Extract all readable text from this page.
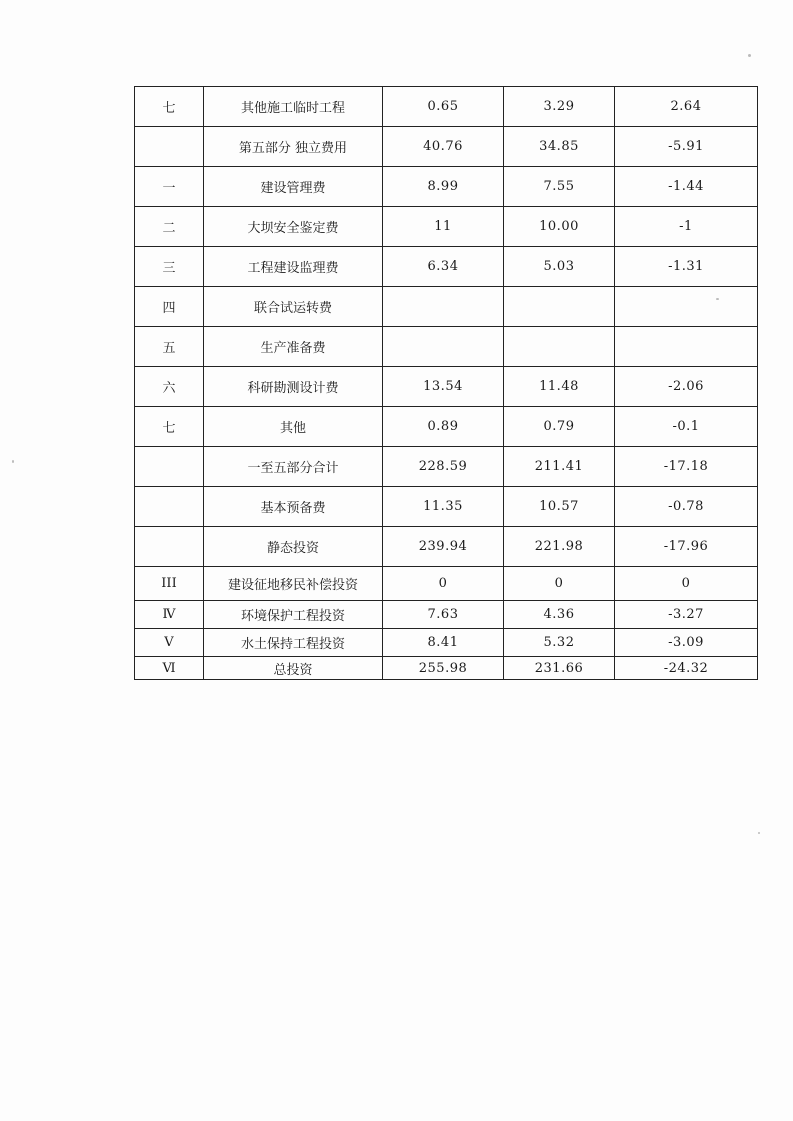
七	其他施工临时工程	0.65	3.29	2.64
	第五部分 独立费用	40.76	34.85	-5.91
一	建设管理费	8.99	7.55	-1.44
二	大坝安全鉴定费	11	10.00	-1
三	工程建设监理费	6.34	5.03	-1.31
四	联合试运转费			
五	生产准备费			
六	科研勘测设计费	13.54	11.48	-2.06
七	其他	0.89	0.79	-0.1
	一至五部分合计	228.59	211.41	-17.18
	基本预备费	11.35	10.57	-0.78
	静态投资	239.94	221.98	-17.96
III	建设征地移民补偿投资	0	0	0
Ⅳ	环境保护工程投资	7.63	4.36	-3.27
Ⅴ	水土保持工程投资	8.41	5.32	-3.09
Ⅵ	总投资	255.98	231.66	-24.32
